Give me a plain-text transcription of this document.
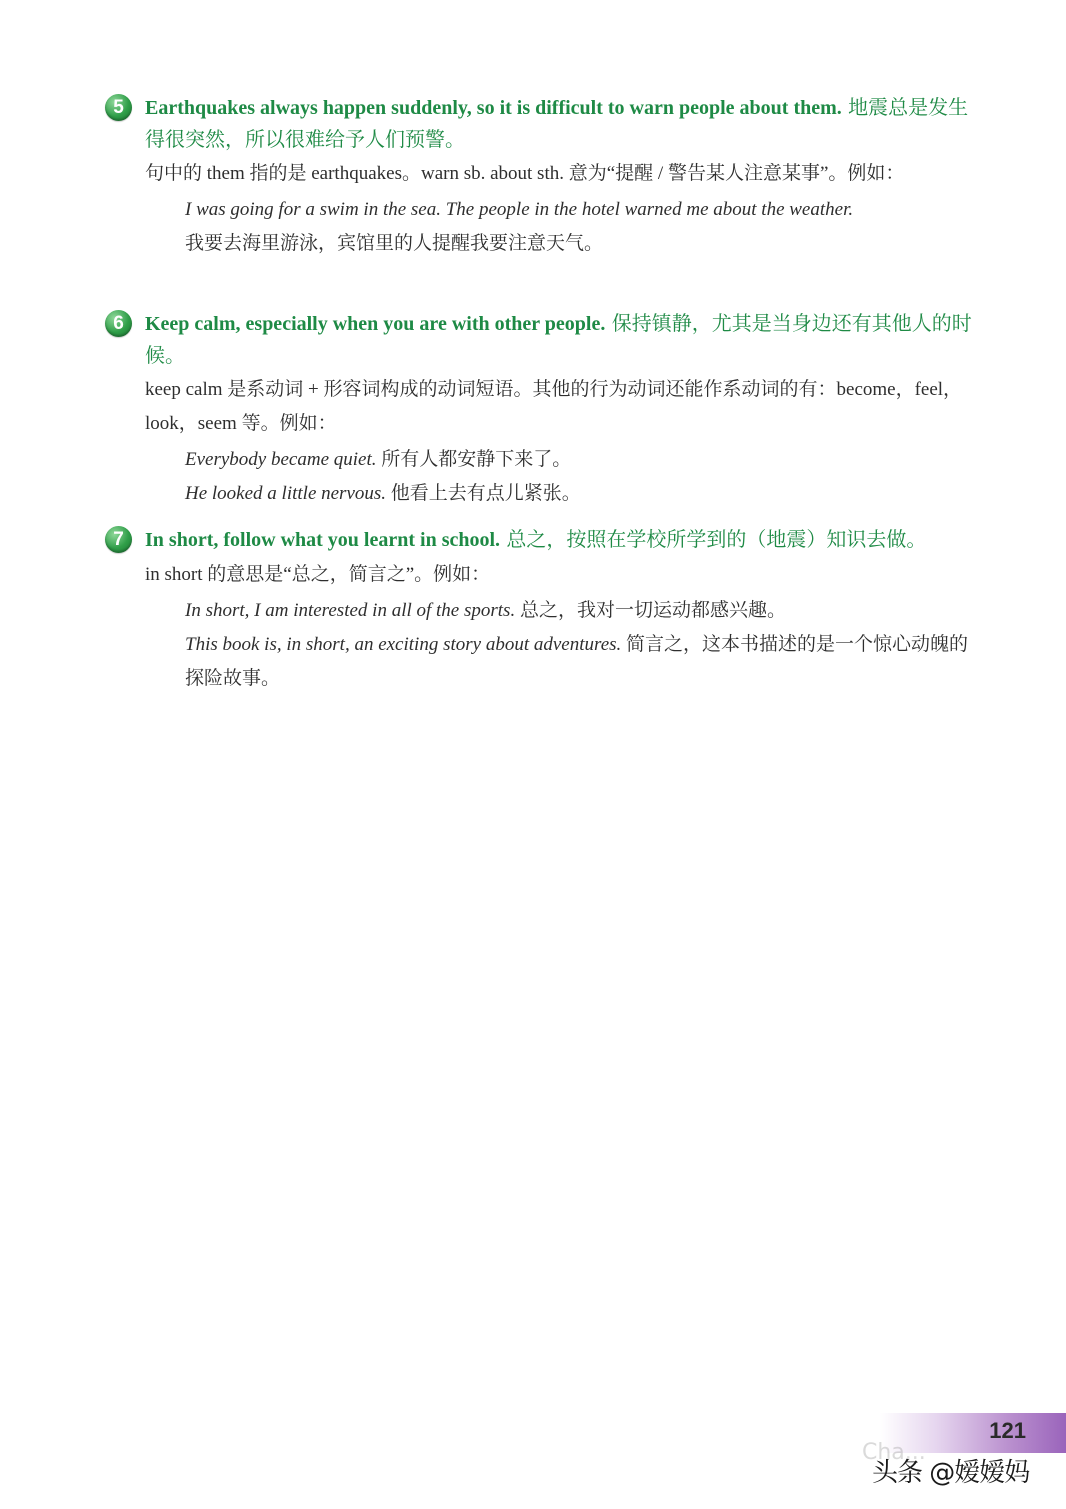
5	Earthquakes always happen suddenly, so it is difficult to warn people about them. 地震总是发生得很突然，所以很难给予人们预警。
句中的 them 指的是 earthquakes。warn sb. about sth. 意为“提醒 / 警告某人注意某事”。例如：
I was going for a swim in the sea. The people in the hotel warned me about the weather.
我要去海里游泳，宾馆里的人提醒我要注意天气。
6	Keep calm, especially when you are with other people. 保持镇静，尤其是当身边还有其他人的时候。
keep calm 是系动词 + 形容词构成的动词短语。其他的行为动词还能作系动词的有：become，feel，look，seem 等。例如：
Everybody became quiet. 所有人都安静下来了。
He looked a little nervous. 他看上去有点儿紧张。
7	In short, follow what you learnt in school. 总之，按照在学校所学到的（地震）知识去做。
in short 的意思是“总之，简言之”。例如：
In short, I am interested in all of the sports. 总之，我对一切运动都感兴趣。
This book is, in short, an exciting story about adventures. 简言之，这本书描述的是一个惊心动魄的探险故事。
121
Cha...
头条 @嫒嫒妈
